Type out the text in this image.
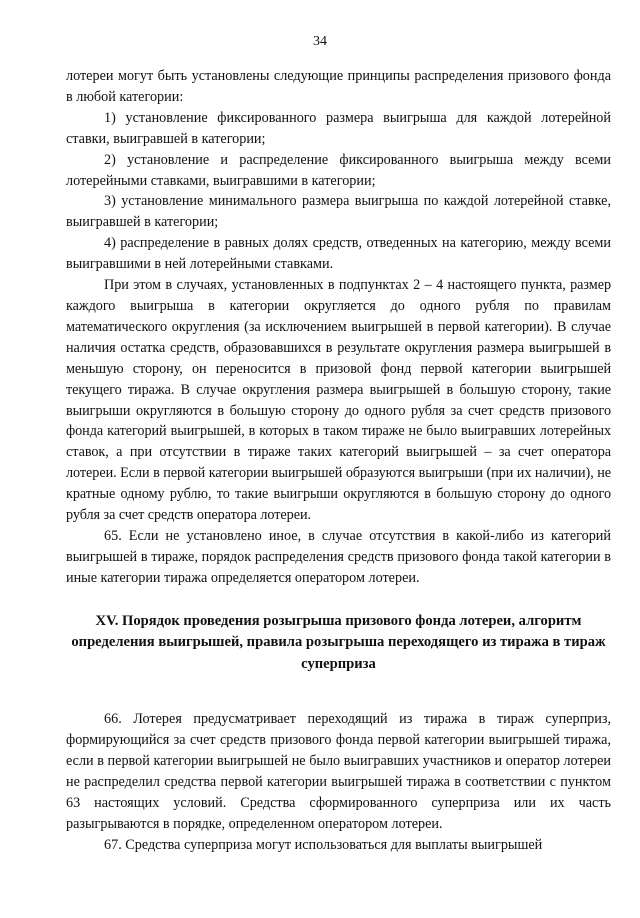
34

лотереи могут быть установлены следующие принципы распределения призового фонда в любой категории:

1) установление фиксированного размера выигрыша для каждой лотерейной ставки, выигравшей в категории;

2) установление и распределение фиксированного выигрыша между всеми лотерейными ставками, выигравшими в категории;

3) установление минимального размера выигрыша по каждой лотерейной ставке, выигравшей в категории;

4) распределение в равных долях средств, отведенных на категорию, между всеми выигравшими в ней лотерейными ставками.

При этом в случаях, установленных в подпунктах 2 – 4 настоящего пункта, размер каждого выигрыша в категории округляется до одного рубля по правилам математического округления (за исключением выигрышей в первой категории). В случае наличия остатка средств, образовавшихся в результате округления размера выигрышей в меньшую сторону, он переносится в призовой фонд первой категории выигрышей текущего тиража. В случае округления размера выигрышей в большую сторону, такие выигрыши округляются в большую сторону до одного рубля за счет средств призового фонда категорий выигрышей, в которых в таком тираже не было выигравших лотерейных ставок, а при отсутствии в тираже таких категорий выигрышей – за счет оператора лотереи. Если в первой категории выигрышей образуются выигрыши (при их наличии), не кратные одному рублю, то такие выигрыши округляются в большую сторону до одного рубля за счет средств оператора лотереи.

65. Если не установлено иное, в случае отсутствия в какой-либо из категорий выигрышей в тираже, порядок распределения средств призового фонда такой категории в иные категории тиража определяется оператором лотереи.

XV. Порядок проведения розыгрыша призового фонда лотереи, алгоритм определения выигрышей, правила розыгрыша переходящего из тиража в тираж суперприза

66. Лотерея предусматривает переходящий из тиража в тираж суперприз, формирующийся за счет средств призового фонда первой категории выигрышей тиража, если в первой категории выигрышей не было выигравших участников и оператор лотереи не распределил средства первой категории выигрышей тиража в соответствии с пунктом 63 настоящих условий. Средства сформированного суперприза или их часть разыгрываются в порядке, определенном оператором лотереи.

67. Средства суперприза могут использоваться для выплаты выигрышей
